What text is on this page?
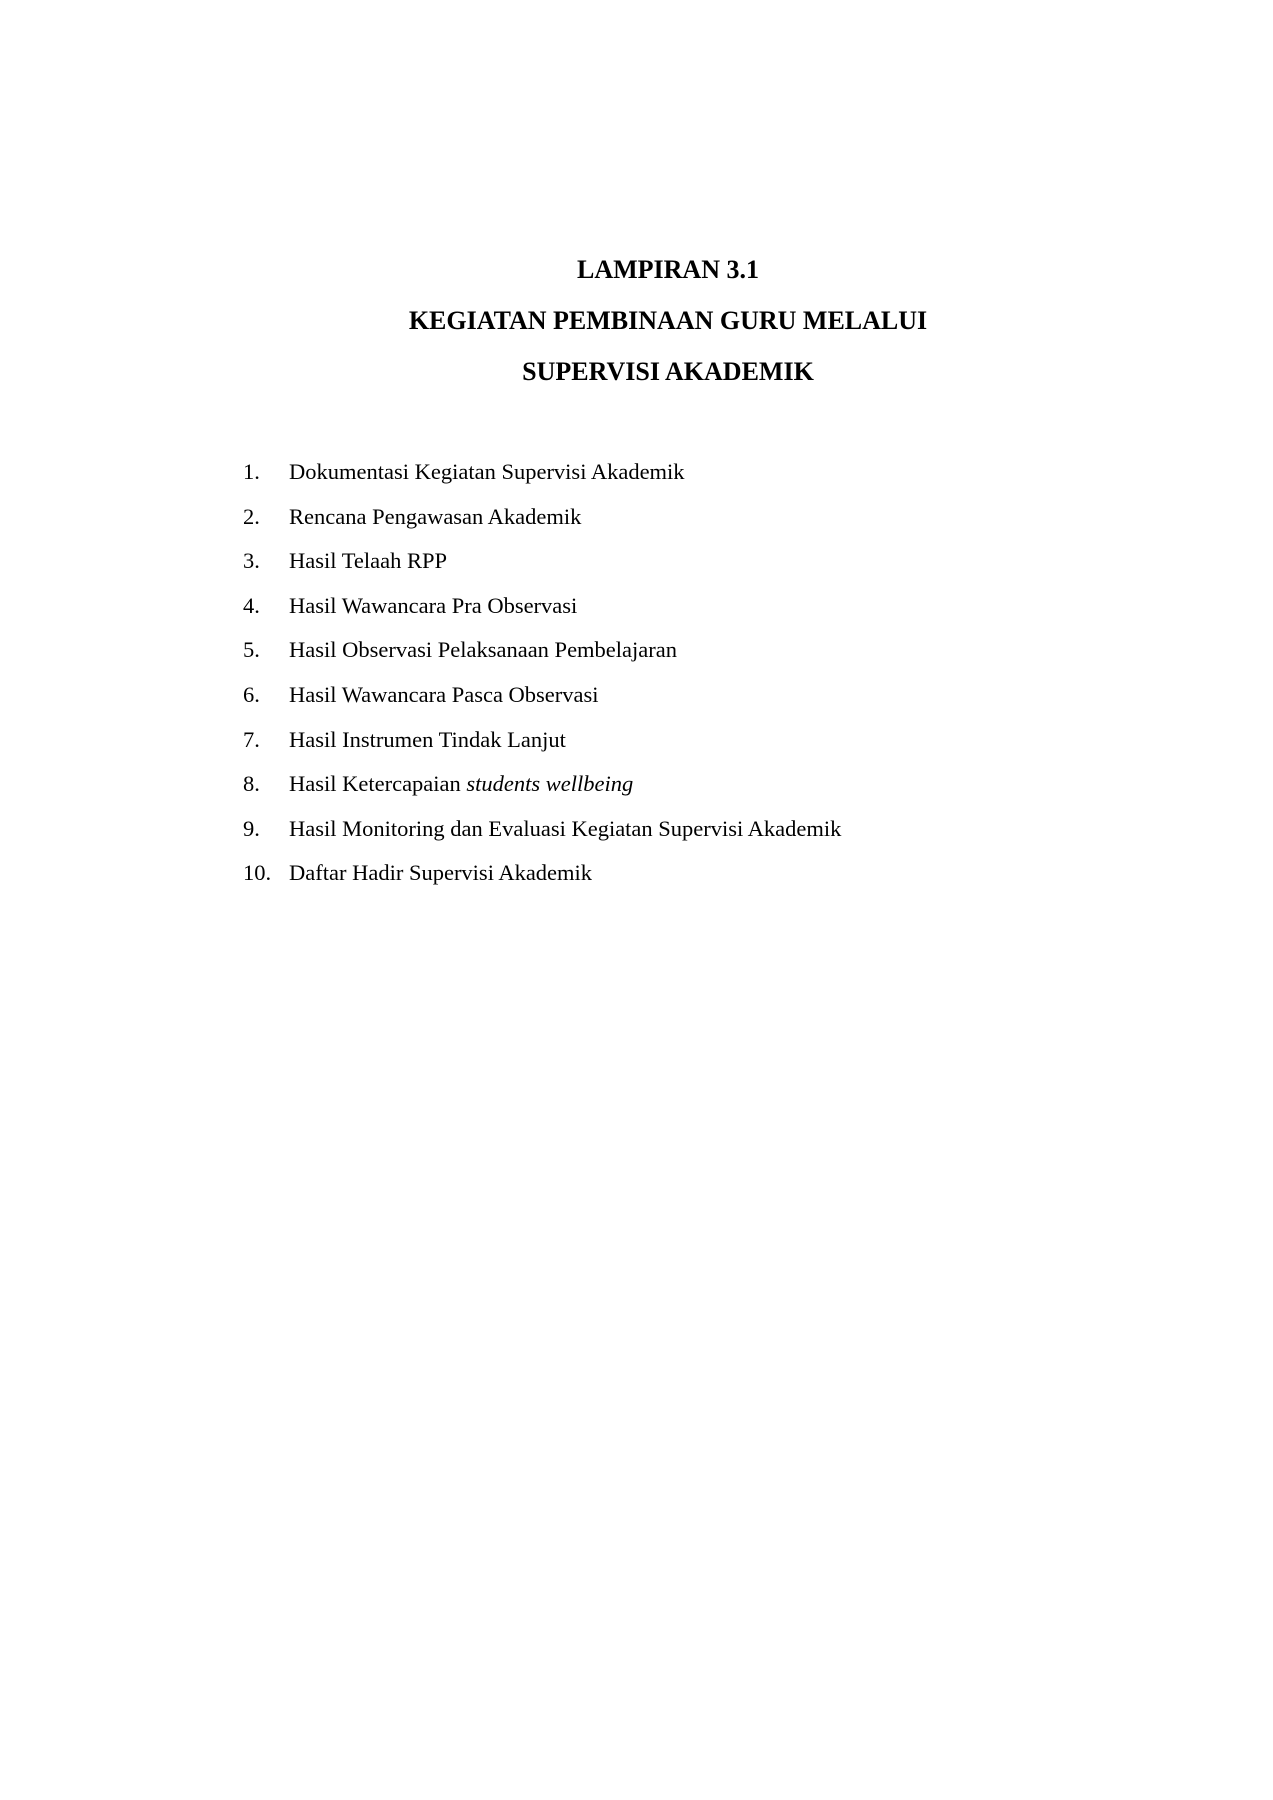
LAMPIRAN 3.1
KEGIATAN PEMBINAAN GURU MELALUI
SUPERVISI AKADEMIK
1. Dokumentasi Kegiatan Supervisi Akademik
2. Rencana Pengawasan Akademik
3. Hasil Telaah RPP
4. Hasil Wawancara Pra Observasi
5. Hasil Observasi Pelaksanaan Pembelajaran
6. Hasil Wawancara Pasca Observasi
7. Hasil Instrumen Tindak Lanjut
8. Hasil Ketercapaian students wellbeing
9. Hasil Monitoring dan Evaluasi Kegiatan Supervisi Akademik
10. Daftar Hadir Supervisi Akademik
